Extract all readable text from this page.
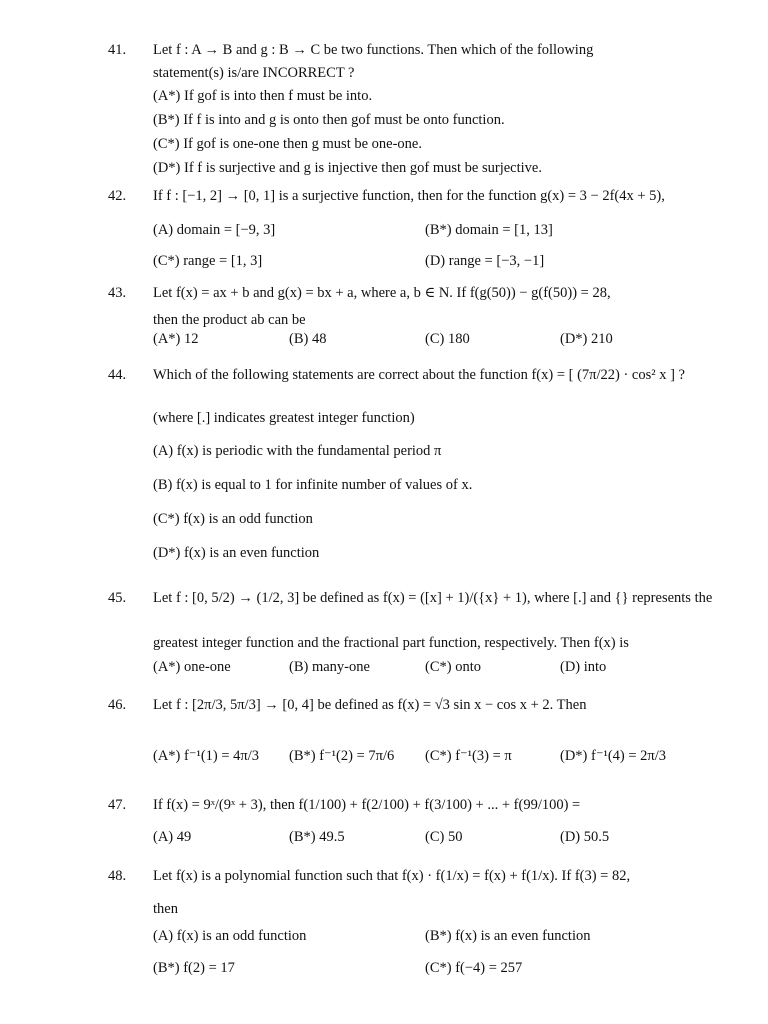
41. Let f : A → B and g : B → C be two functions. Then which of the following
statement(s) is/are INCORRECT ?
(A*) If gof is into then f must be into.
(B*) If f is into and g is onto then gof must be onto function.
(C*) If gof is one-one then g must be one-one.
(D*) If f is surjective and g is injective then gof must be surjective.
42. If f : [−1, 2] → [0, 1] is a surjective function, then for the function g(x) = 3 − 2f(4x + 5),
(A) domain = [−9, 3]	(B*) domain = [1, 13]
(C*) range = [1, 3]	(D) range = [−3, −1]
43. Let f(x) = ax + b and g(x) = bx + a, where a, b ∈ N. If f(g(50)) − g(f(50)) = 28,
then the product ab can be
(A*) 12	(B) 48	(C) 180	(D*) 210
44. Which of the following statements are correct about the function f(x) = [ (7π/22) · cos² x ] ?
(where [.] indicates greatest integer function)
(A) f(x) is periodic with the fundamental period π
(B) f(x) is equal to 1 for infinite number of values of x.
(C*) f(x) is an odd function
(D*) f(x) is an even function
45. Let f : [0, 5/2) → (1/2, 3] be defined as f(x) = ([x] + 1)/({x} + 1), where [.] and {} represents the
greatest integer function and the fractional part function, respectively. Then f(x) is
(A*) one-one	(B) many-one	(C*) onto	(D) into
46. Let f : [2π/3, 5π/3] → [0, 4] be defined as f(x) = √3 sin x − cos x + 2. Then
(A*) f⁻¹(1) = 4π/3 (B*) f⁻¹(2) = 7π/6 (C*) f⁻¹(3) = π	(D*) f⁻¹(4) = 2π/3
47. If f(x) = 9ˣ/(9ˣ + 3), then f(1/100) + f(2/100) + f(3/100) + ... + f(99/100) =
(A) 49	(B*) 49.5	(C) 50	(D) 50.5
48. Let f(x) is a polynomial function such that f(x) · f(1/x) = f(x) + f(1/x). If f(3) = 82,
then
(A) f(x) is an odd function	(B*) f(x) is an even function
(B*) f(2) = 17	(C*) f(−4) = 257
